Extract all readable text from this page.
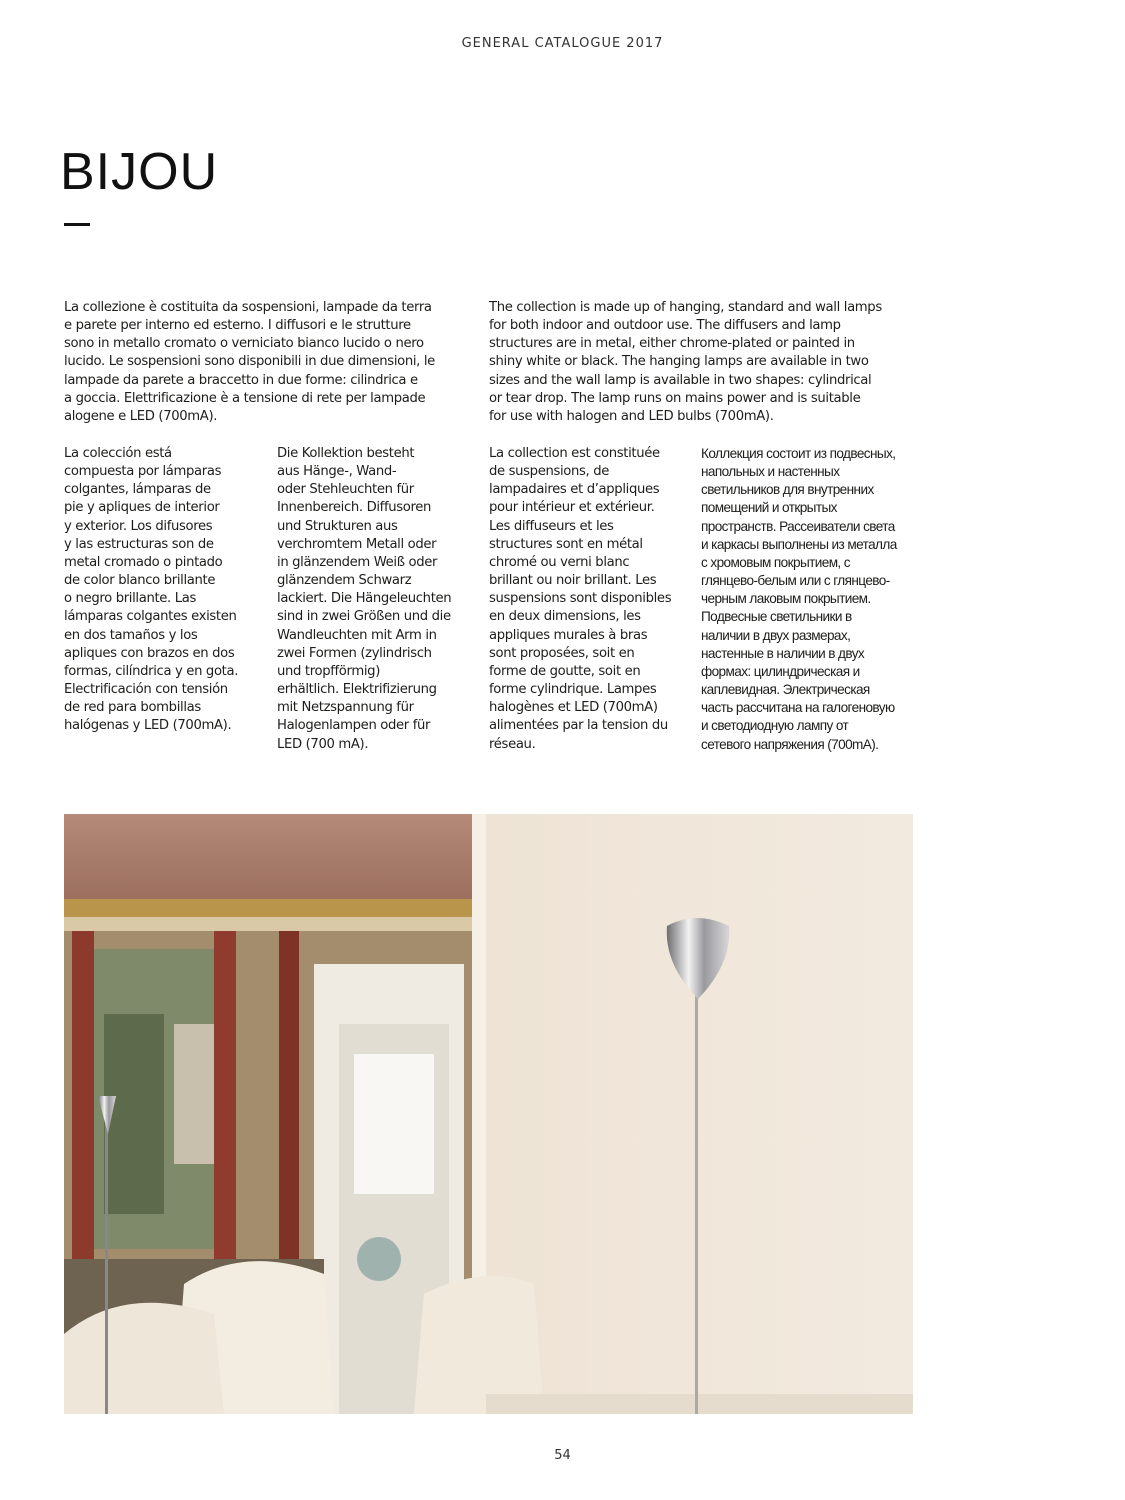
GENERAL CATALOGUE 2017
BIJOU
La collezione è costituita da sospensioni, lampade da terra
e parete per interno ed esterno. I diffusori e le strutture
sono in metallo cromato o verniciato bianco lucido o nero
lucido. Le sospensioni sono disponibili in due dimensioni, le
lampade da parete a braccetto in due forme: cilindrica e
a goccia. Elettrificazione è a tensione di rete per lampade
alogene e LED (700mA).
The collection is made up of hanging, standard and wall lamps
for both indoor and outdoor use. The diffusers and lamp
structures are in metal, either chrome-plated or painted in
shiny white or black. The hanging lamps are available in two
sizes and the wall lamp is available in two shapes: cylindrical
or tear drop. The lamp runs on mains power and is suitable
for use with halogen and LED bulbs (700mA).
La colección está
compuesta por lámparas
colgantes, lámparas de
pie y apliques de interior
y exterior. Los difusores
y las estructuras son de
metal cromado o pintado
de color blanco brillante
o negro brillante. Las
lámparas colgantes existen
en dos tamaños y los
apliques con brazos en dos
formas, cilíndrica y en gota.
Electrificación con tensión
de red para bombillas
halógenas y LED (700mA).
Die Kollektion besteht
aus Hänge-, Wand-
oder Stehleuchten für
Innenbereich. Diffusoren
und Strukturen aus
verchromtem Metall oder
in glänzendem Weiß oder
glänzendem Schwarz
lackiert. Die Hängeleuchten
sind in zwei Größen und die
Wandleuchten mit Arm in
zwei Formen (zylindrisch
und tropfförmig)
erhältlich. Elektrifizierung
mit Netzspannung für
Halogenlampen oder für
LED (700 mA).
La collection est constituée
de suspensions, de
lampadaires et d’appliques
pour intérieur et extérieur.
Les diffuseurs et les
structures sont en métal
chromé ou verni blanc
brillant ou noir brillant. Les
suspensions sont disponibles
en deux dimensions, les
appliques murales à bras
sont proposées, soit en
forme de goutte, soit en
forme cylindrique. Lampes
halogènes et LED (700mA)
alimentées par la tension du
réseau.
Коллекция состоит из подвесных,
напольных и настенных
светильников для внутренних
помещений и открытых
пространств. Рассеиватели света
и каркасы выполнены из металла
с хромовым покрытием, с
глянцево-белым или с глянцево-
черным лаковым покрытием.
Подвесные светильники в
наличии в двух размерах,
настенные в наличии в двух
формах: цилиндрическая и
каплевидная. Электрическая
часть рассчитана на галогеновую
и светодиодную лампу от
сетевого напряжения (700mA).
54
